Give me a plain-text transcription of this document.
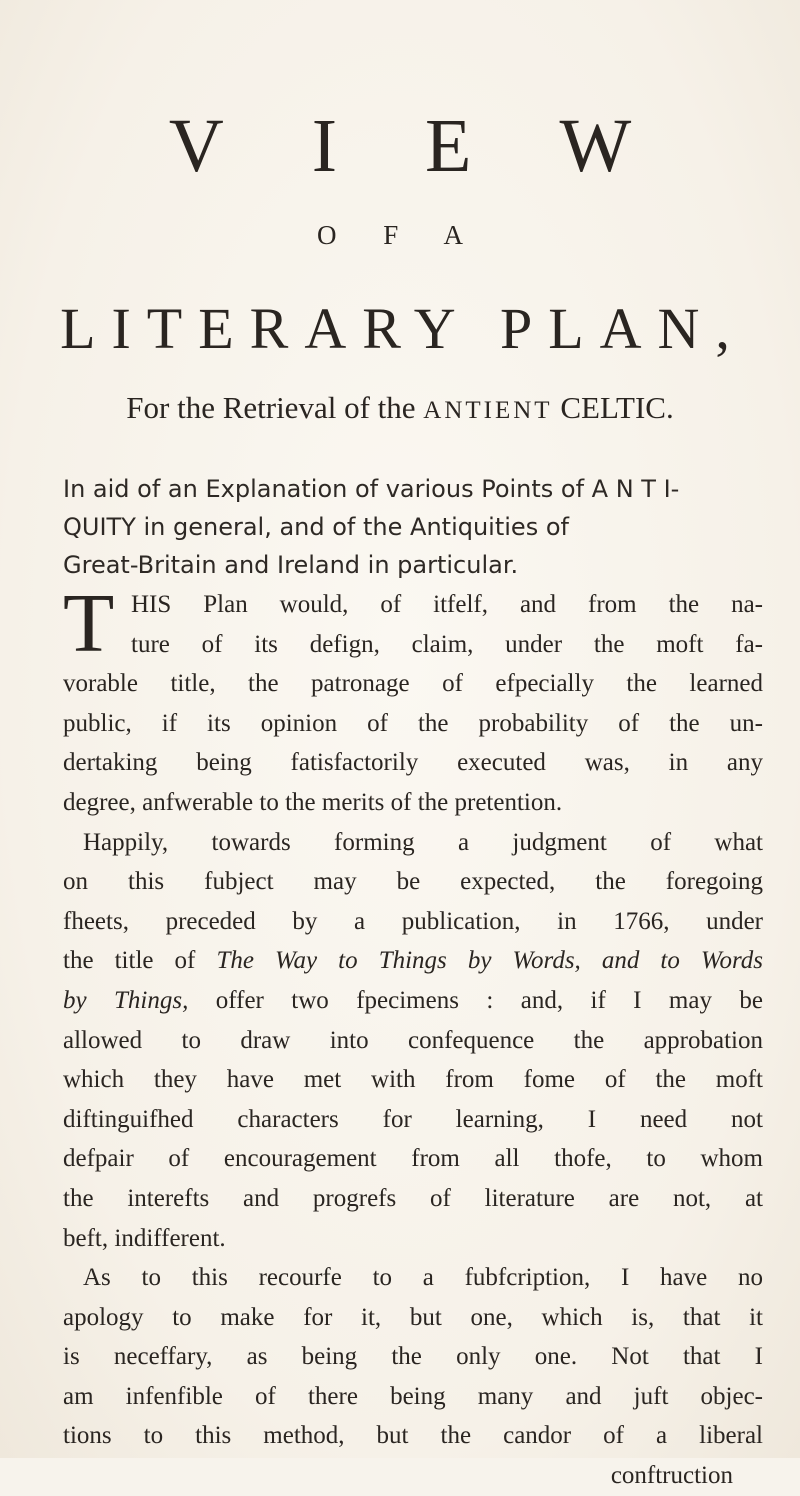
V I E W
O F A
LITERARY PLAN,
For the Retrieval of the ANTIENT CELTIC.
In aid of an Explanation of various Points of A N T I-
QUITY in general, and of the Antiquities of
Great-Britain and Ireland in particular.
T HIS Plan would, of itfelf, and from the na-
ture of its defign, claim, under the moft fa-
vorable title, the patronage of efpecially the learned
public, if its opinion of the probability of the un-
dertaking being fatisfactorily executed was, in any
degree, anfwerable to the merits of the pretention.
Happily, towards forming a judgment of what
on this fubject may be expected, the foregoing
fheets, preceded by a publication, in 1766, under
the title of The Way to Things by Words, and to Words
by Things, offer two fpecimens : and, if I may be
allowed to draw into confequence the approbation
which they have met with from fome of the moft
diftinguifhed characters for learning, I need not
defpair of encouragement from all thofe, to whom
the interefts and progrefs of literature are not, at
beft, indifferent.
As to this recourfe to a fubfcription, I have no
apology to make for it, but one, which is, that it
is neceffary, as being the only one. Not that I
am infenfible of there being many and juft objec-
tions to this method, but the candor of a liberal
conftruction
